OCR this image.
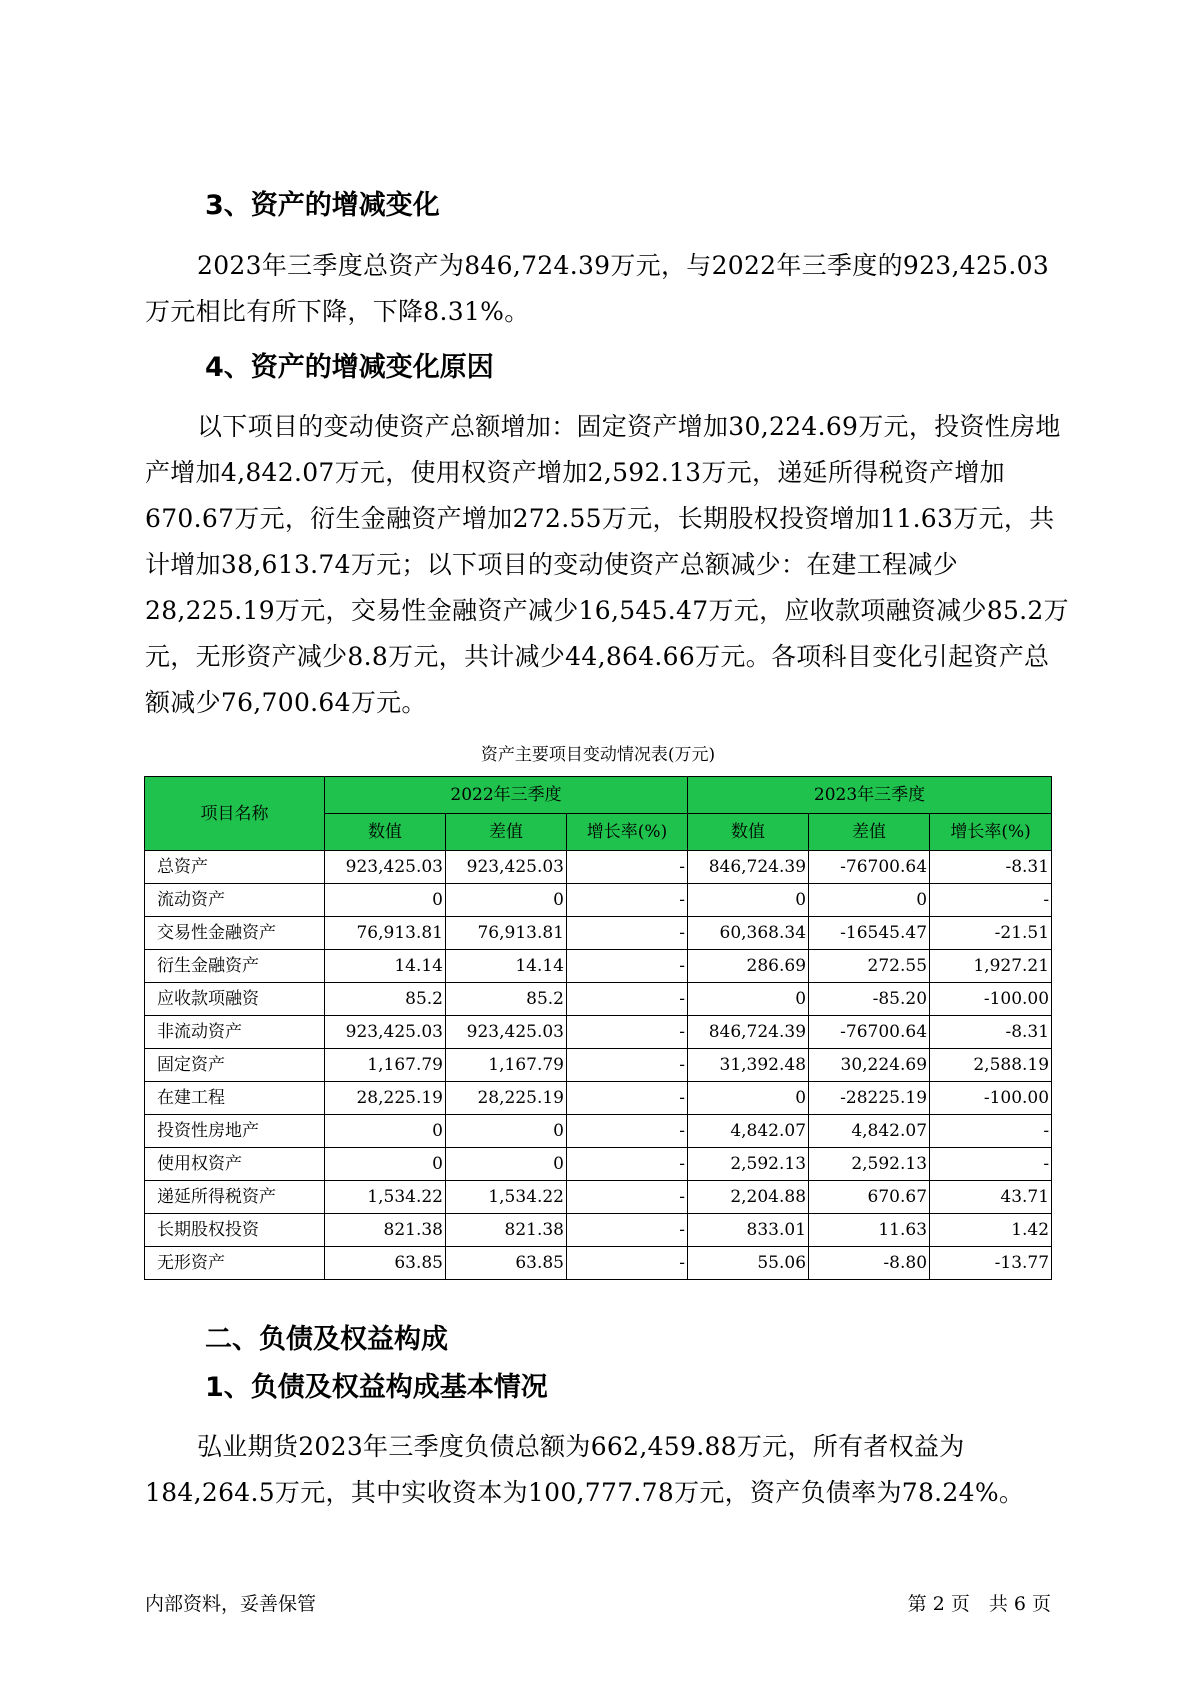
3、资产的增减变化

2023年三季度总资产为846,724.39万元，与2022年三季度的923,425.03万元相比有所下降，下降8.31%。

4、资产的增减变化原因

以下项目的变动使资产总额增加：固定资产增加30,224.69万元，投资性房地产增加4,842.07万元，使用权资产增加2,592.13万元，递延所得税资产增加670.67万元，衍生金融资产增加272.55万元，长期股权投资增加11.63万元，共计增加38,613.74万元；以下项目的变动使资产总额减少：在建工程减少28,225.19万元，交易性金融资产减少16,545.47万元，应收款项融资减少85.2万元，无形资产减少8.8万元，共计减少44,864.66万元。各项科目变化引起资产总额减少76,700.64万元。

资产主要项目变动情况表(万元)
项目名称	2022年三季度			2023年三季度		
	数值	差值	增长率(%)	数值	差值	增长率(%)
总资产	923,425.03	923,425.03	-	846,724.39	-76700.64	-8.31
流动资产	0	0	-	0	0	-
交易性金融资产	76,913.81	76,913.81	-	60,368.34	-16545.47	-21.51
衍生金融资产	14.14	14.14	-	286.69	272.55	1,927.21
应收款项融资	85.2	85.2	-	0	-85.20	-100.00
非流动资产	923,425.03	923,425.03	-	846,724.39	-76700.64	-8.31
固定资产	1,167.79	1,167.79	-	31,392.48	30,224.69	2,588.19
在建工程	28,225.19	28,225.19	-	0	-28225.19	-100.00
投资性房地产	0	0	-	4,842.07	4,842.07	-
使用权资产	0	0	-	2,592.13	2,592.13	-
递延所得税资产	1,534.22	1,534.22	-	2,204.88	670.67	43.71
长期股权投资	821.38	821.38	-	833.01	11.63	1.42
无形资产	63.85	63.85	-	55.06	-8.80	-13.77
二、负债及权益构成
1、负债及权益构成基本情况

弘业期货2023年三季度负债总额为662,459.88万元，所有者权益为184,264.5万元，其中实收资本为100,777.78万元，资产负债率为78.24%。

内部资料，妥善保管	第 2 页　共 6 页
